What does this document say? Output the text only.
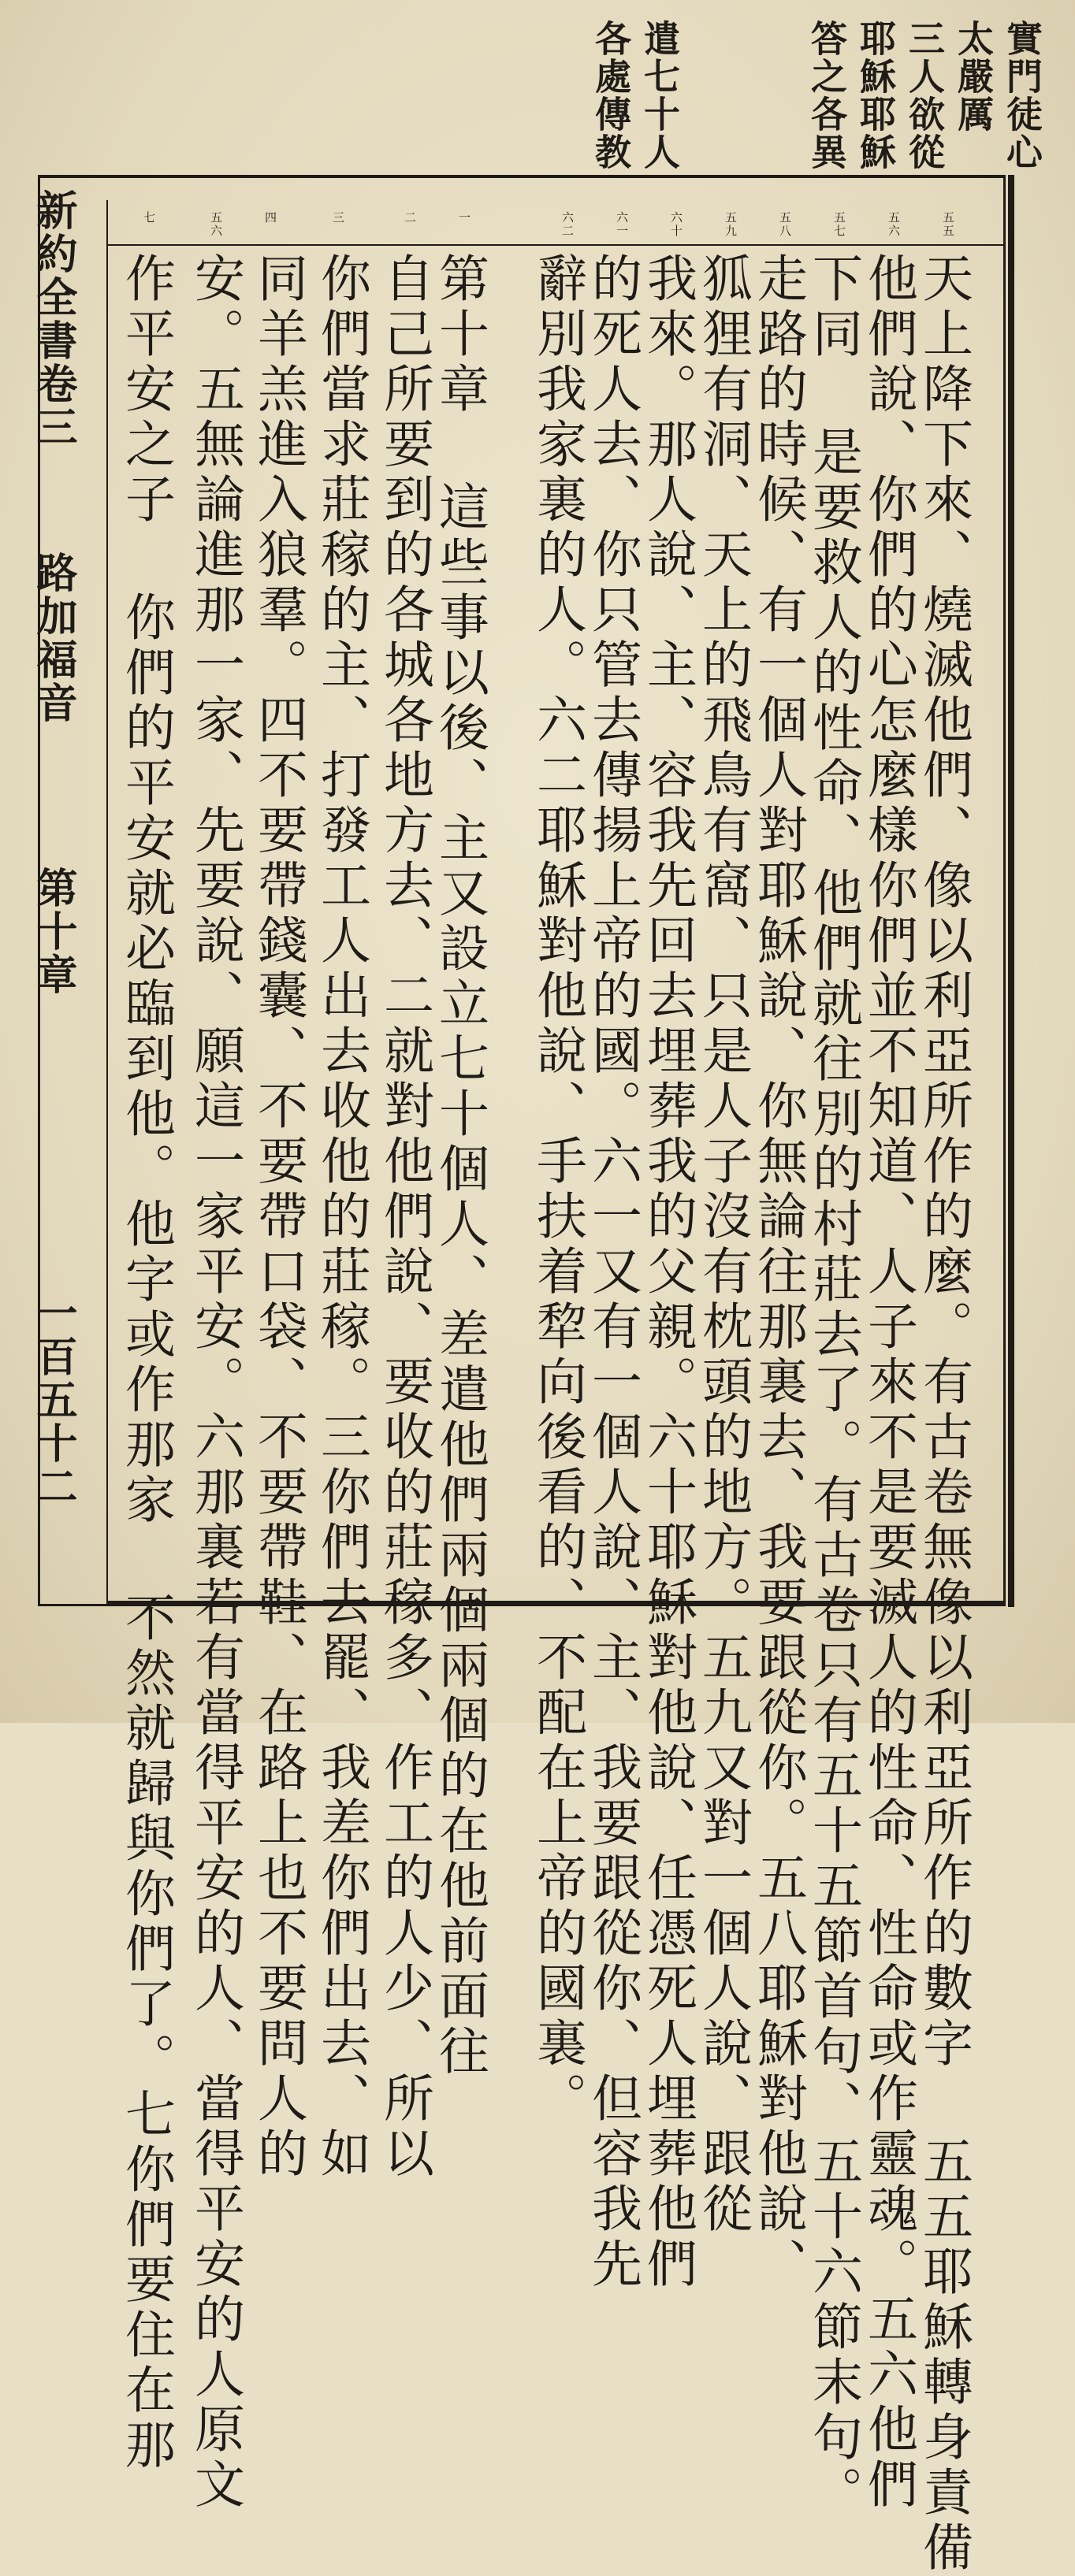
實門徒心
太嚴厲
三人欲從
耶穌耶穌
答之各異
遣七十人
各處傳教
新約全書卷三
路加福音
第十章
一百五十二
五五
五六
五七
五八
五九
六十
六一
六二
一
二
三
四
五六
七
天上降下來、燒滅他們、像以利亞所作的麼。有古卷無像以利亞所作的數字 五五耶穌轉身責備
他們說、你們的心怎麼樣你們並不知道、人子來不是要滅人的性命、性命或作靈魂。五六他們
下同 是要救人的性命、他們就往別的村莊去了。有古卷只有五十五節首句、五十六節末句。
走路的時候、有一個人對耶穌說、你無論往那裏去、我要跟從你。五八耶穌對他說、
狐狸有洞、天上的飛鳥有窩、只是人子沒有枕頭的地方。五九又對一個人說、跟從
我來。那人說、主、容我先回去埋葬我的父親。六十耶穌對他說、任憑死人埋葬他們
的死人去、你只管去傳揚上帝的國。六一又有一個人說、主、我要跟從你、但容我先
辭別我家裏的人。六二耶穌對他說、手扶着犂向後看的、不配在上帝的國裏。
第十章 這些事以後、主又設立七十個人、差遣他們兩個兩個的在他前面往
自己所要到的各城各地方去、二就對他們說、要收的莊稼多、作工的人少、所以
你們當求莊稼的主、打發工人出去收他的莊稼。三你們去罷、我差你們出去、如
同羊羔進入狼羣。四不要帶錢囊、不要帶口袋、不要帶鞋、在路上也不要問人的
安。五無論進那一家、先要說、願這一家平安。六那裏若有當得平安的人、當得平安的人原文
作平安之子 你們的平安就必臨到他。他字或作那家 不然就歸與你們了。七你們要住在那
